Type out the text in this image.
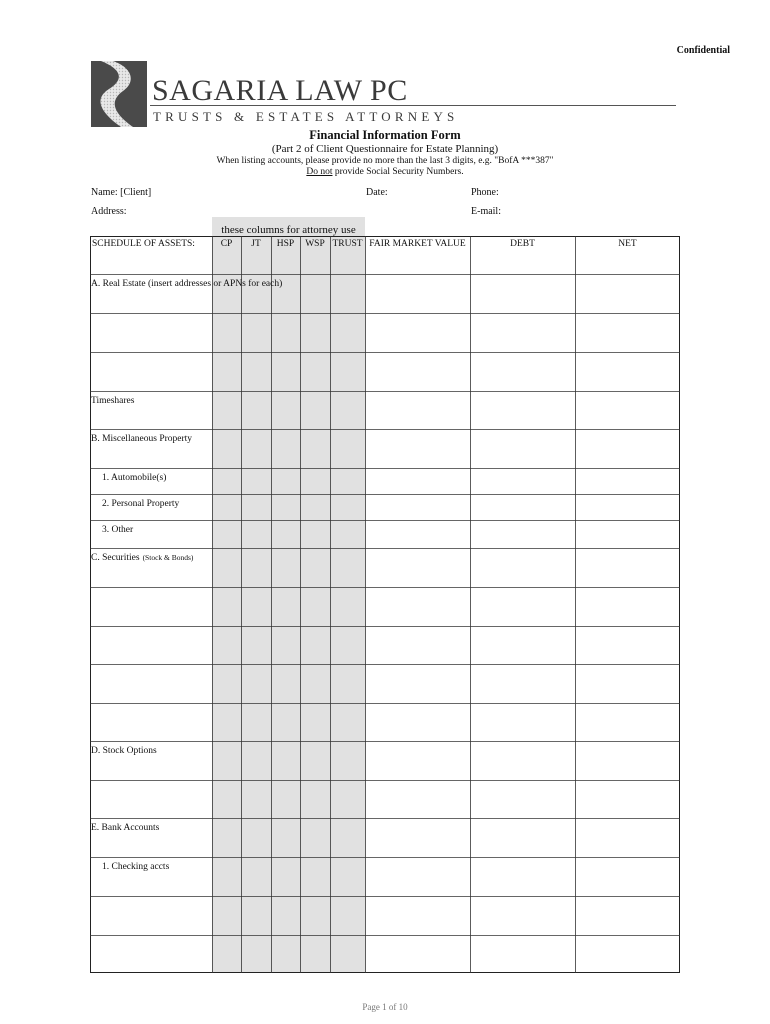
Confidential
SAGARIA LAW PC
TRUSTS & ESTATES ATTORNEYS
Financial Information Form
(Part 2 of Client Questionnaire for Estate Planning)
When listing accounts, please provide no more than the last 3 digits, e.g. "BofA ***387"
Do not provide Social Security Numbers.
Name: [Client]	Date:	Phone:
Address:	E-mail:
these columns for attorney use
SCHEDULE OF ASSETS:	CP JT HSP WSP TRUST FAIR MARKET VALUE	DEBT	NET
A. Real Estate (insert addresses or APNs for each)
Timeshares
B. Miscellaneous Property
1. Automobile(s)
2. Personal Property
3. Other
C. Securities (Stock & Bonds)
D. Stock Options
E. Bank Accounts
1. Checking accts
Page 1 of 10
